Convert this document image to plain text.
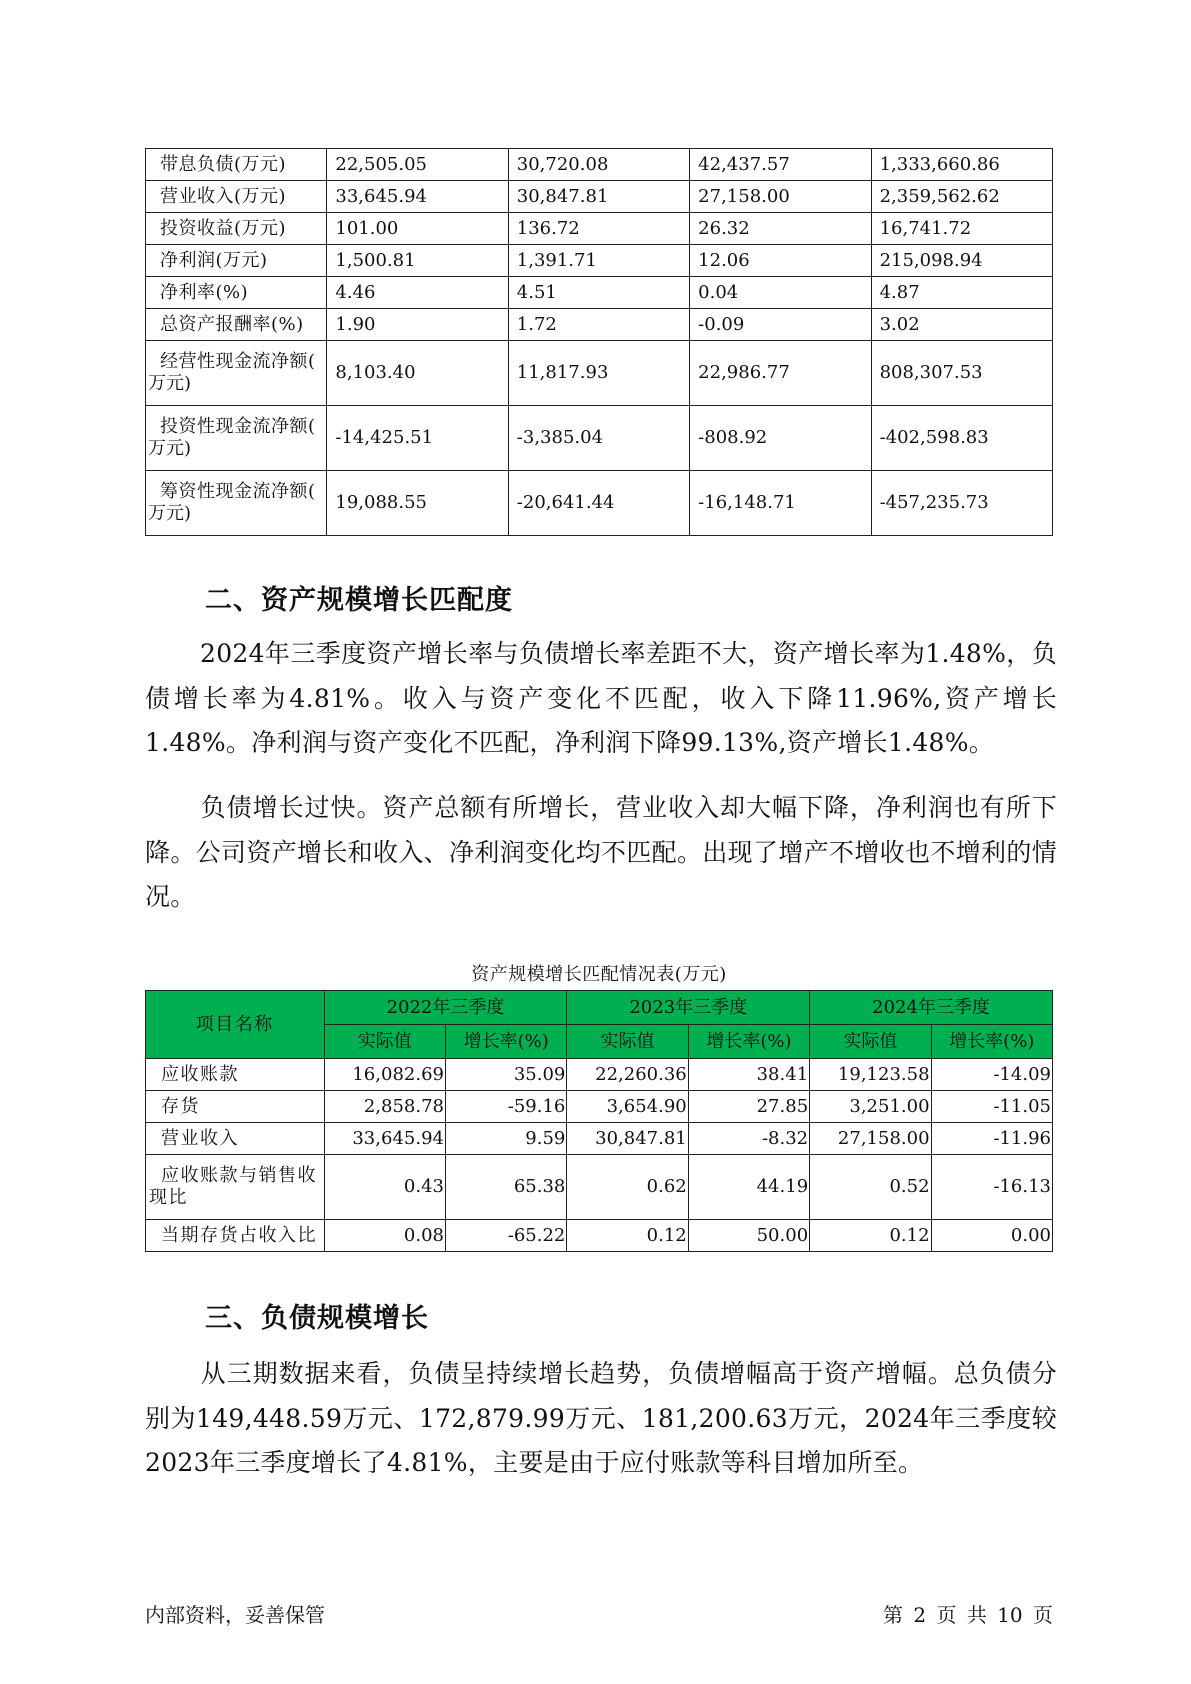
带息负债(万元)	22,505.05	30,720.08	42,437.57	1,333,660.86

营业收入(万元)	33,645.94	30,847.81	27,158.00	2,359,562.62

投资收益(万元)	101.00	136.72	26.32	16,741.72

净利润(万元)	1,500.81	1,391.71	12.06	215,098.94

净利率(%)	4.46	4.51	0.04	4.87

总资产报酬率(%)	1.90	1.72	-0.09	3.02

经营性现金流净额(
万元)	8,103.40	11,817.93	22,986.77	808,307.53

投资性现金流净额(
万元)	-14,425.51	-3,385.04	-808.92	-402,598.83

筹资性现金流净额(
万元)	19,088.55	-20,641.44	-16,148.71	-457,235.73
二、资产规模增长匹配度

2024年三季度资产增长率与负债增长率差距不大，资产增长率为1.48%，负债增长率为4.81%。收入与资产变化不匹配，收入下降11.96%,资产增长1.48%。净利润与资产变化不匹配，净利润下降99.13%,资产增长1.48%。

负债增长过快。资产总额有所增长，营业收入却大幅下降，净利润也有所下降。公司资产增长和收入、净利润变化均不匹配。出现了增产不增收也不增利的情况。

资产规模增长匹配情况表(万元)
项目名称	2022年三季度		2023年三季度		2024年三季度	
	实际值	增长率(%)	实际值	增长率(%)	实际值	增长率(%)

应收账款	16,082.69	35.09	22,260.36	38.41	19,123.58	-14.09

存货	2,858.78	-59.16	3,654.90	27.85	3,251.00	-11.05

营业收入	33,645.94	9.59	30,847.81	-8.32	27,158.00	-11.96

应收账款与销售收
现比	0.43	65.38	0.62	44.19	0.52	-16.13

当期存货占收入比	0.08	-65.22	0.12	50.00	0.12	0.00
三、负债规模增长

从三期数据来看，负债呈持续增长趋势，负债增幅高于资产增幅。总负债分别为149,448.59万元、172,879.99万元、181,200.63万元，2024年三季度较2023年三季度增长了4.81%，主要是由于应付账款等科目增加所至。

内部资料，妥善保管	第 2 页 共 10 页
